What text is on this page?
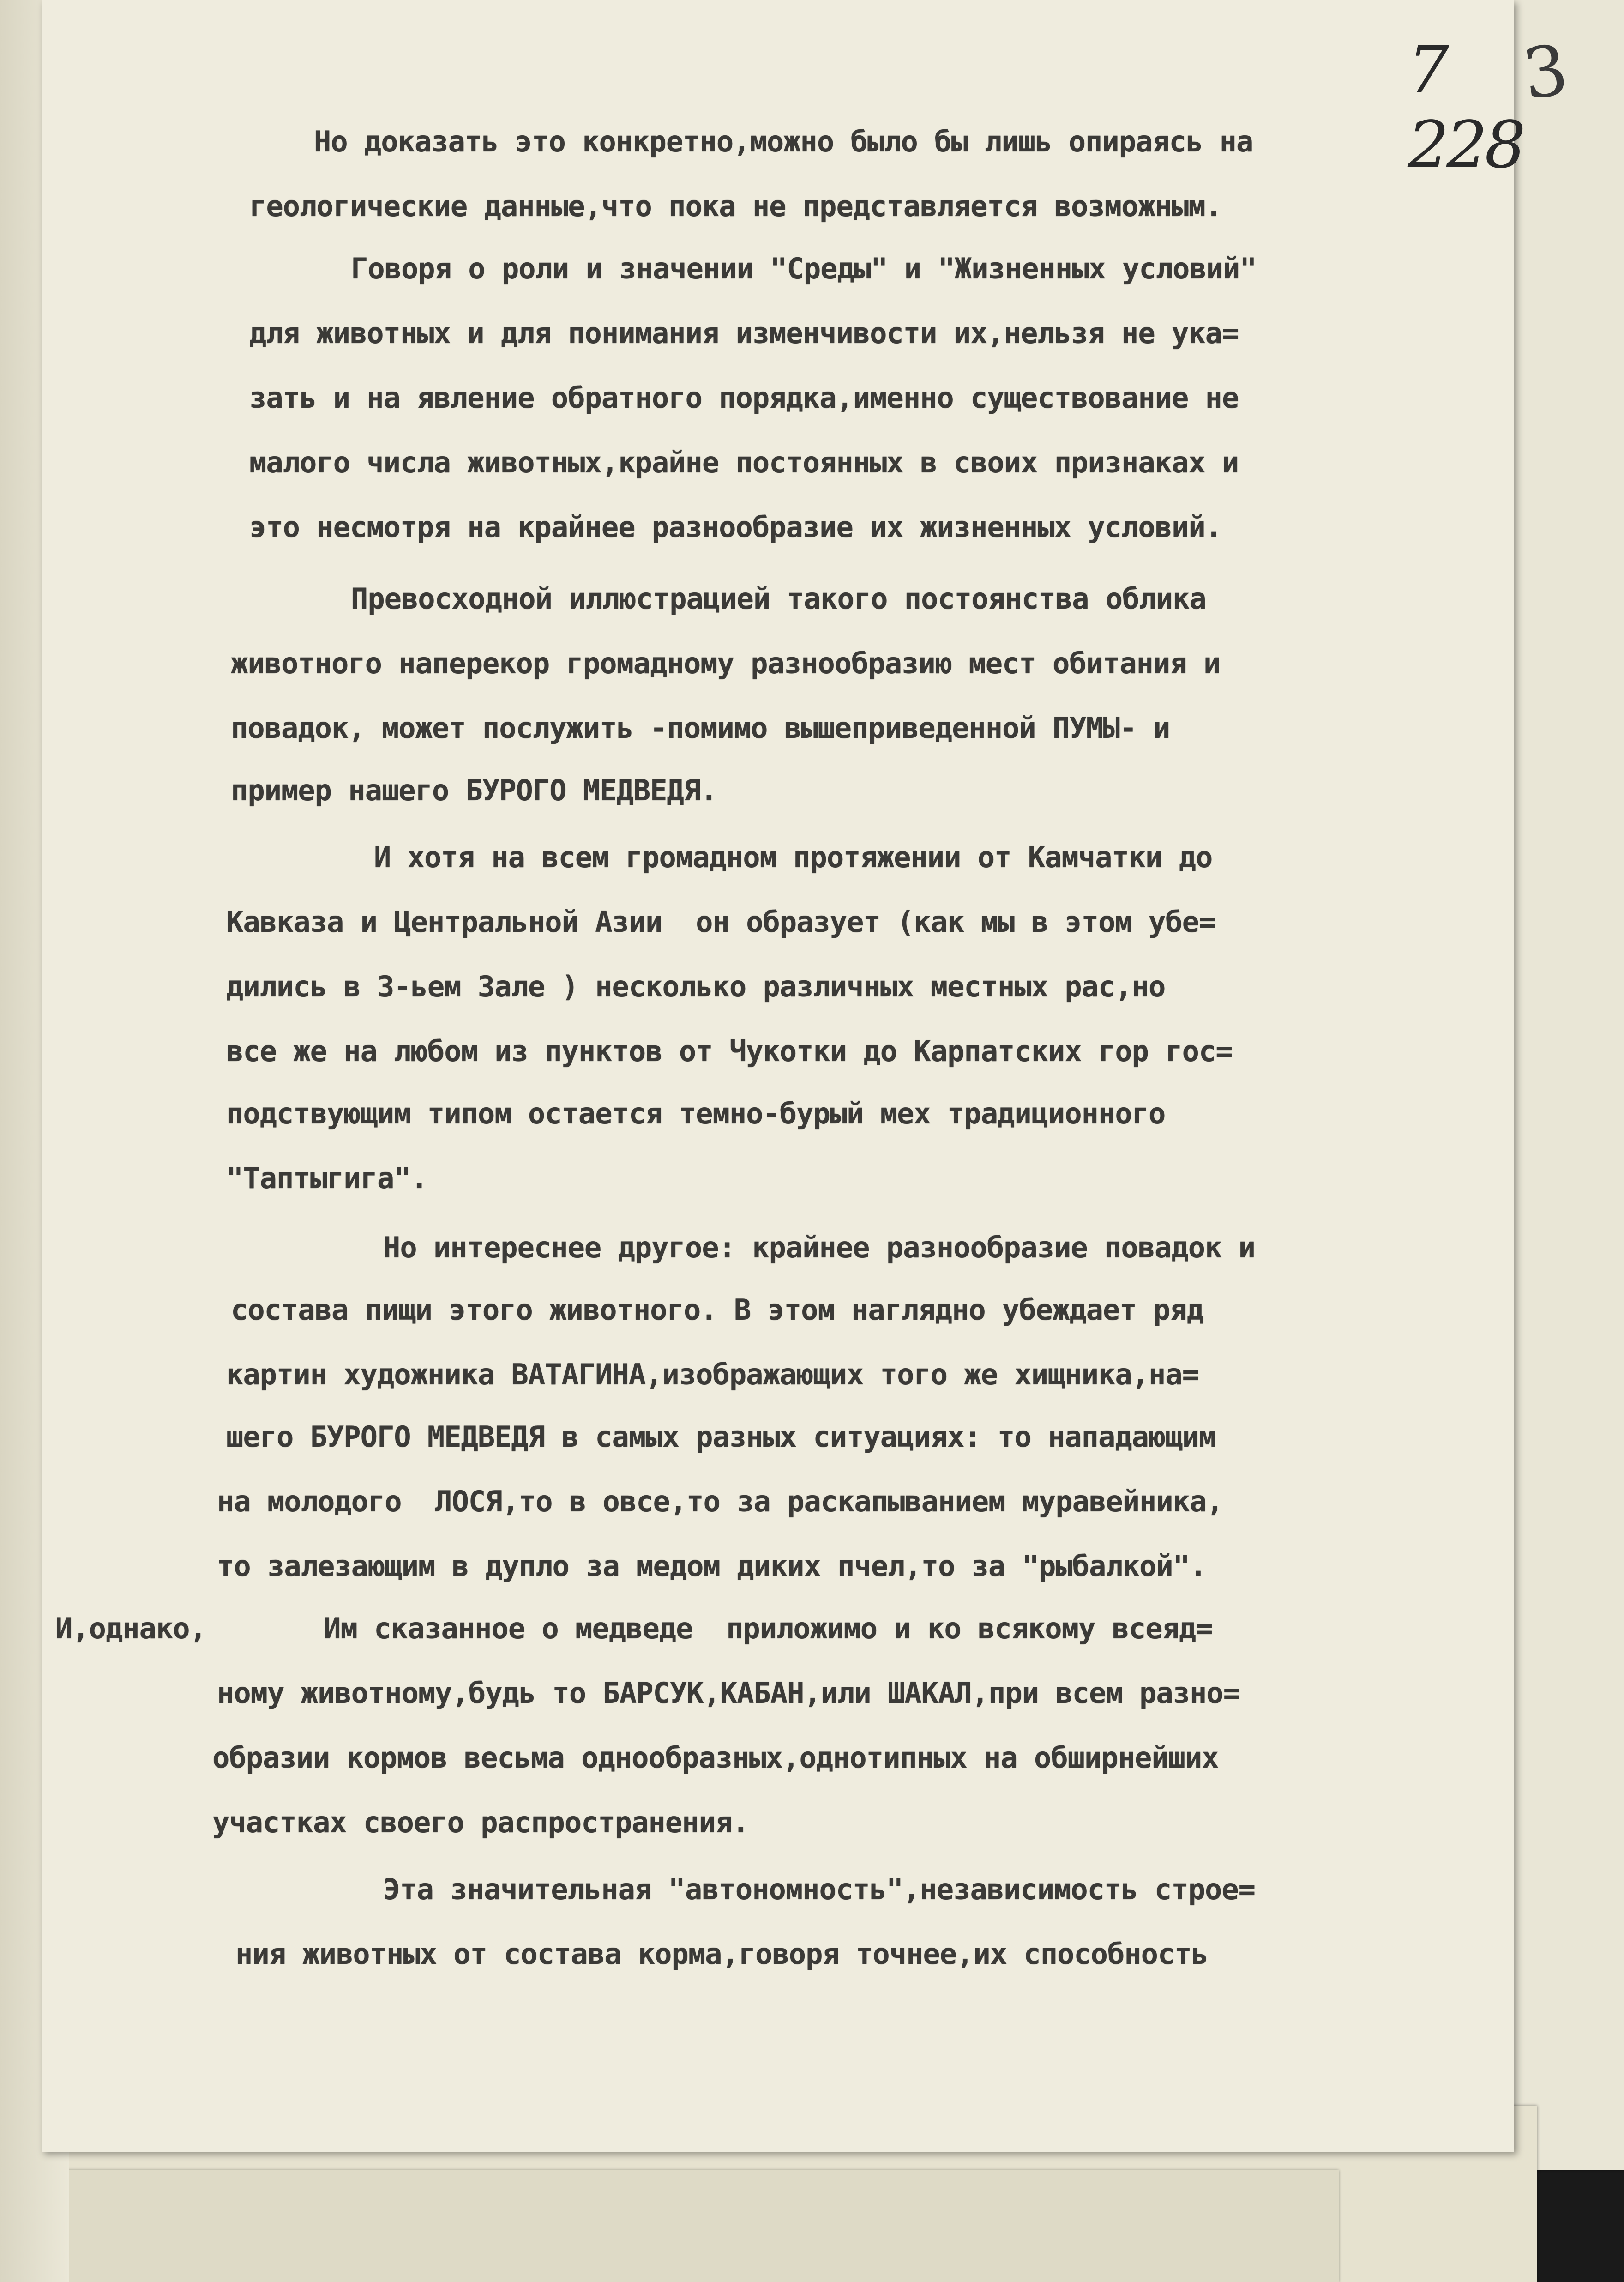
7 228

Но доказать это конкретно,можно было бы лишь опираясь на

геологические данные,что пока не представляется возможным.

Говоря о роли и значении "Среды" и "Жизненных условий"

для животных и для понимания изменчивости их,нельзя не ука=

зать и на явление обратного порядка,именно существование не

малого числа животных,крайне постоянных в своих признаках и

это несмотря на крайнее разнообразие их жизненных условий.

Превосходной иллюстрацией такого постоянства облика

животного наперекор громадному разнообразию мест обитания и

повадок, может послужить -помимо вышеприведенной ПУМЫ- и

пример нашего БУРОГО МЕДВЕДЯ.

И хотя на всем громадном протяжении от Камчатки до

Кавказа и Центральной Азии  он образует (как мы в этом убе=

дились в 3-ьем Зале ) несколько различных местных рас,но

все же на любом из пунктов от Чукотки до Карпатских гор гос=

подствующим типом остается темно-бурый мех традиционного

"Таптыгига".

Но интереснее другое: крайнее разнообразие повадок и

состава пищи этого животного. В этом наглядно убеждает ряд

картин художника ВАТАГИНА,изображающих того же хищника,на=

шего БУРОГО МЕДВЕДЯ в самых разных ситуациях: то нападающим

на молодого  ЛОСЯ,то в овсе,то за раскапыванием муравейника,

то залезающим в дупло за медом диких пчел,то за "рыбалкой".

И,однако,       Им сказанное о медведе  приложимо и ко всякому всеяд=

ному животному,будь то БАРСУК,КАБАН,или ШАКАЛ,при всем разно=

образии кормов весьма однообразных,однотипных на обширнейших

участках своего распространения.

Эта значительная "автономность",независимость строе=

ния животных от состава корма,говоря точнее,их способность

3
